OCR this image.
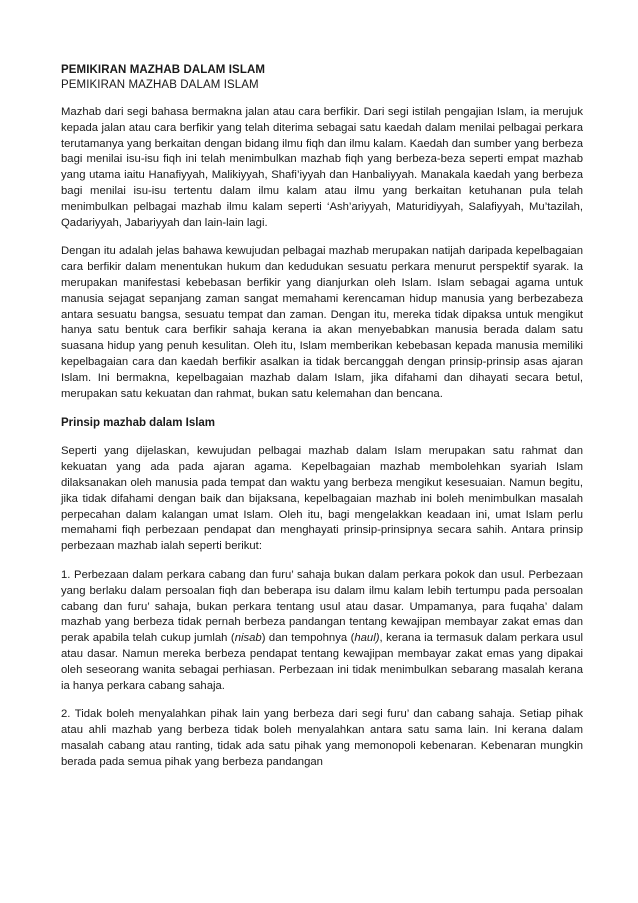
PEMIKIRAN MAZHAB DALAM ISLAM
PEMIKIRAN MAZHAB DALAM ISLAM

Mazhab dari segi bahasa bermakna jalan atau cara berfikir. Dari segi istilah pengajian Islam, ia merujuk kepada jalan atau cara berfikir yang telah diterima sebagai satu kaedah dalam menilai pelbagai perkara terutamanya yang berkaitan dengan bidang ilmu fiqh dan ilmu kalam. Kaedah dan sumber yang berbeza bagi menilai isu-isu fiqh ini telah menimbulkan mazhab fiqh yang berbeza-beza seperti empat mazhab yang utama iaitu Hanafiyyah, Malikiyyah, Shafi’iyyah dan Hanbaliyyah. Manakala kaedah yang berbeza bagi menilai isu-isu tertentu dalam ilmu kalam atau ilmu yang berkaitan ketuhanan pula telah menimbulkan pelbagai mazhab ilmu kalam seperti ‘Ash’ariyyah, Maturidiyyah, Salafiyyah, Mu’tazilah, Qadariyyah, Jabariyyah dan lain-lain lagi.

Dengan itu adalah jelas bahawa kewujudan pelbagai mazhab merupakan natijah daripada kepelbagaian cara berfikir dalam menentukan hukum dan kedudukan sesuatu perkara menurut perspektif syarak. Ia merupakan manifestasi kebebasan berfikir yang dianjurkan oleh Islam. Islam sebagai agama untuk manusia sejagat sepanjang zaman sangat memahami kerencaman hidup manusia yang berbezabeza antara sesuatu bangsa, sesuatu tempat dan zaman. Dengan itu, mereka tidak dipaksa untuk mengikut hanya satu bentuk cara berfikir sahaja kerana ia akan menyebabkan manusia berada dalam satu suasana hidup yang penuh kesulitan. Oleh itu, Islam memberikan kebebasan kepada manusia memiliki kepelbagaian cara dan kaedah berfikir asalkan ia tidak bercanggah dengan prinsip-prinsip asas ajaran Islam. Ini bermakna, kepelbagaian mazhab dalam Islam, jika difahami dan dihayati secara betul, merupakan satu kekuatan dan rahmat, bukan satu kelemahan dan bencana.

Prinsip mazhab dalam Islam

Seperti yang dijelaskan, kewujudan pelbagai mazhab dalam Islam merupakan satu rahmat dan kekuatan yang ada pada ajaran agama. Kepelbagaian mazhab membolehkan syariah Islam dilaksanakan oleh manusia pada tempat dan waktu yang berbeza mengikut kesesuaian. Namun begitu, jika tidak difahami dengan baik dan bijaksana, kepelbagaian mazhab ini boleh menimbulkan masalah perpecahan dalam kalangan umat Islam. Oleh itu, bagi mengelakkan keadaan ini, umat Islam perlu memahami fiqh perbezaan pendapat dan menghayati prinsip-prinsipnya secara sahih. Antara prinsip perbezaan mazhab ialah seperti berikut:

1. Perbezaan dalam perkara cabang dan furu’ sahaja bukan dalam perkara pokok dan usul. Perbezaan yang berlaku dalam persoalan fiqh dan beberapa isu dalam ilmu kalam lebih tertumpu pada persoalan cabang dan furu’ sahaja, bukan perkara tentang usul atau dasar. Umpamanya, para fuqaha’ dalam mazhab yang berbeza tidak pernah berbeza pandangan tentang kewajipan membayar zakat emas dan perak apabila telah cukup jumlah (nisab) dan tempohnya (haul), kerana ia termasuk dalam perkara usul atau dasar. Namun mereka berbeza pendapat tentang kewajipan membayar zakat emas yang dipakai oleh seseorang wanita sebagai perhiasan. Perbezaan ini tidak menimbulkan sebarang masalah kerana ia hanya perkara cabang sahaja.

2. Tidak boleh menyalahkan pihak lain yang berbeza dari segi furu’ dan cabang sahaja. Setiap pihak atau ahli mazhab yang berbeza tidak boleh menyalahkan antara satu sama lain. Ini kerana dalam masalah cabang atau ranting, tidak ada satu pihak yang memonopoli kebenaran. Kebenaran mungkin berada pada semua pihak yang berbeza pandangan
